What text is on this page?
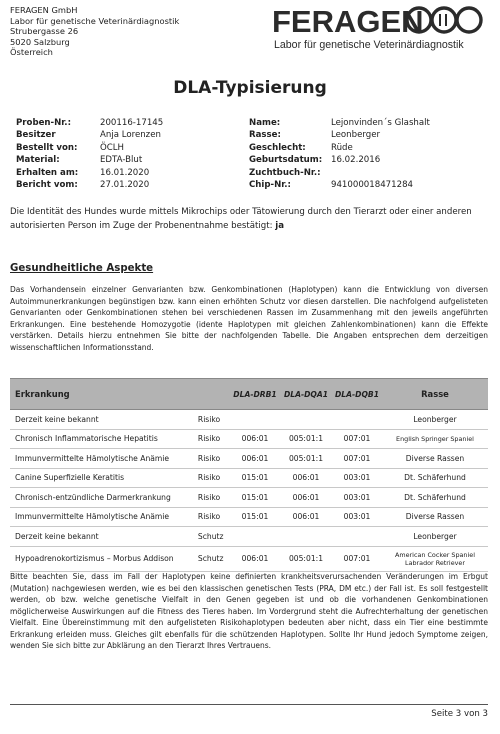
FERAGEN GmbH
Labor für genetische Veterinärdiagnostik
Strubergasse 26
5020 Salzburg
Österreich
FERAGEN
Labor für genetische Veterinärdiagnostik
DLA-Typisierung
Proben-Nr.:	200116-17145
Besitzer	Anja Lorenzen
Bestellt von:	ÖCLH
Material:	EDTA-Blut
Erhalten am:	16.01.2020
Bericht vom:	27.01.2020
Name:	Lejonvinden´s Glashalt
Rasse:	Leonberger
Geschlecht:	Rüde
Geburtsdatum:	16.02.2016
Zuchtbuch-Nr.:
Chip-Nr.:	941000018471284
Die Identität des Hundes wurde mittels Mikrochips oder Tätowierung durch den Tierarzt oder einer anderen autorisierten Person im Zuge der Probenentnahme bestätigt: ja
Gesundheitliche Aspekte
Das Vorhandensein einzelner Genvarianten bzw. Genkombinationen (Haplotypen) kann die Entwicklung von diversen Autoimmunerkrankungen begünstigen bzw. kann einen erhöhten Schutz vor diesen darstellen. Die nachfolgend aufgelisteten Genvarianten oder Genkombinationen stehen bei verschiedenen Rassen im Zusammenhang mit den jeweils angeführten Erkrankungen. Eine bestehende Homozygotie (idente Haplotypen mit gleichen Zahlenkombinationen) kann die Effekte verstärken. Details hierzu entnehmen Sie bitte der nachfolgenden Tabelle. Die Angaben entsprechen dem derzeitigen wissenschaftlichen Informationsstand.
Erkrankung		DLA-DRB1	DLA-DQA1	DLA-DQB1	Rasse
Derzeit keine bekannt	Risiko				Leonberger
Chronisch Inflammatorische Hepatitis	Risiko	006:01	005:01:1	007:01	English Springer Spaniel
Immunvermittelte Hämolytische Anämie	Risiko	006:01	005:01:1	007:01	Diverse Rassen
Canine Superfizielle Keratitis	Risiko	015:01	006:01	003:01	Dt. Schäferhund
Chronisch-entzündliche Darmerkrankung	Risiko	015:01	006:01	003:01	Dt. Schäferhund
Immunvermittelte Hämolytische Anämie	Risiko	015:01	006:01	003:01	Diverse Rassen
Derzeit keine bekannt	Schutz				Leonberger
Hypoadrenokortizismus – Morbus Addison	Schutz	006:01	005:01:1	007:01	American Cocker Spaniel Labrador Retriever
Bitte beachten Sie, dass im Fall der Haplotypen keine definierten krankheitsverursachenden Veränderungen im Erbgut (Mutation) nachgewiesen werden, wie es bei den klassischen genetischen Tests (PRA, DM etc.) der Fall ist. Es soll festgestellt werden, ob bzw. welche genetische Vielfalt in den Genen gegeben ist und ob die vorhandenen Genkombinationen möglicherweise Auswirkungen auf die Fitness des Tieres haben. Im Vordergrund steht die Aufrechterhaltung der genetischen Vielfalt. Eine Übereinstimmung mit den aufgelisteten Risikohaplotypen bedeuten aber nicht, dass ein Tier eine bestimmte Erkrankung erleiden muss. Gleiches gilt ebenfalls für die schützenden Haplotypen. Sollte Ihr Hund jedoch Symptome zeigen, wenden Sie sich bitte zur Abklärung an den Tierarzt Ihres Vertrauens.
Seite 3 von 3
